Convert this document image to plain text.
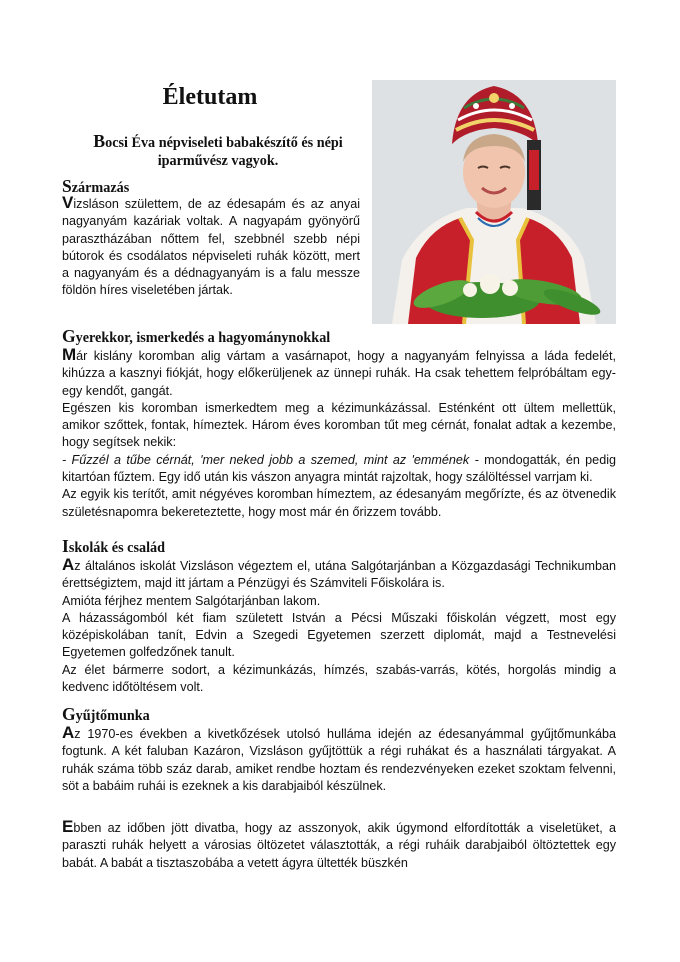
Életutam
Bocsi Éva népviseleti babakészítő és népi iparművész vagyok.
Származás

Vizsláson születtem, de az édesapám és az anyai nagyanyám kazáriak voltak. A nagyapám gyönyörű parasztházában nőttem fel, szebbnél szebb népi bútorok és csodálatos népviseleti ruhák között, mert a nagyanyám és a dédnagyanyám is a falu messze földön híres viseletében jártak.

Gyerekkor, ismerkedés a hagyománynokkal

Már kislány koromban alig vártam a vasárnapot, hogy a nagyanyám felnyissa a láda fedelét, kihúzza a kasznyi fiókját, hogy előkerüljenek az ünnepi ruhák. Ha csak tehettem felpróbáltam egy-egy kendőt, gangát.

Egészen kis koromban ismerkedtem meg a kézimunkázással. Esténként ott ültem mellettük, amikor szőttek, fontak, hímeztek. Három éves koromban tűt meg cérnát, fonalat adtak a kezembe, hogy segítsek nekik:

- Fűzzél a tűbe cérnát, 'mer neked jobb a szemed, mint az 'emmének - mondogatták, én pedig kitartóan fűztem. Egy idő után kis vászon anyagra mintát rajzoltak, hogy szálöltéssel varrjam ki.

Az egyik kis terítőt, amit négyéves koromban hímeztem, az édesanyám megőrízte, és az ötvenedik születésnapomra bekereteztette, hogy most már én őrizzem tovább.

Iskolák és család

Az általános iskolát Vizsláson végeztem el, utána Salgótarjánban a Közgazdasági Technikumban érettségiztem, majd itt jártam a Pénzügyi és Számviteli Főiskolára is.

Amióta férjhez mentem Salgótarjánban lakom.

A házasságomból két fiam született István a Pécsi Műszaki főiskolán végzett, most egy középiskolában tanít, Edvin a Szegedi Egyetemen szerzett diplomát, majd a Testnevelési Egyetemen golfedzőnek tanult.

Az élet bármerre sodort, a kézimunkázás, hímzés, szabás-varrás, kötés, horgolás mindig a kedvenc időtöltésem volt.

Gyűjtőmunka

Az 1970-es években a kivetkőzések utolsó hulláma idején az édesanyámmal gyűjtőmunkába fogtunk. A két faluban Kazáron, Vizsláson gyűjtöttük a régi ruhákat és a használati tárgyakat. A ruhák száma több száz darab, amiket rendbe hoztam és rendezvényeken ezeket szoktam felvenni, söt a babáim ruhái is ezeknek a kis darabjaiból készülnek.

Ebben az időben jött divatba, hogy az asszonyok, akik úgymond elfordították a viseletüket, a paraszti ruhák helyett a városias öltözetet választották, a régi ruháik darabjaiból öltöztettek egy babát. A babát a tisztaszobába a vetett ágyra ültették büszkén
